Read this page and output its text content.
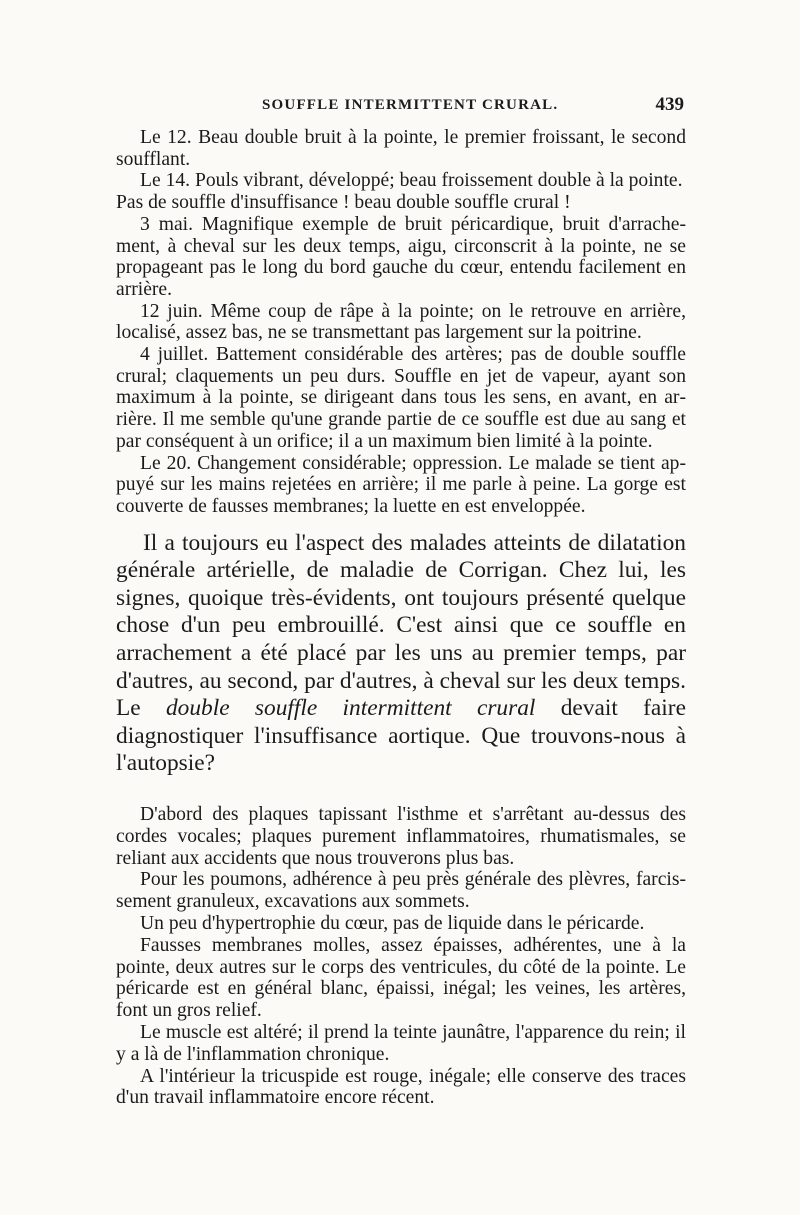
SOUFFLE INTERMITTENT CRURAL.	439

Le 12. Beau double bruit à la pointe, le premier froissant, le second soufflant.

Le 14. Pouls vibrant, développé; beau froissement double à la pointe.

Pas de souffle d'insuffisance ! beau double souffle crural !

3 mai. Magnifique exemple de bruit péricardique, bruit d'arrachement, à cheval sur les deux temps, aigu, circonscrit à la pointe, ne se propageant pas le long du bord gauche du cœur, entendu facilement en arrière.

12 juin. Même coup de râpe à la pointe; on le retrouve en arrière, localisé, assez bas, ne se transmettant pas largement sur la poitrine.

4 juillet. Battement considérable des artères; pas de double souffle crural; claquements un peu durs. Souffle en jet de vapeur, ayant son maximum à la pointe, se dirigeant dans tous les sens, en avant, en arrière. Il me semble qu'une grande partie de ce souffle est due au sang et par conséquent à un orifice; il a un maximum bien limité à la pointe.

Le 20. Changement considérable; oppression. Le malade se tient appuyé sur les mains rejetées en arrière; il me parle à peine. La gorge est couverte de fausses membranes; la luette en est enveloppée.

Il a toujours eu l'aspect des malades atteints de dilatation générale artérielle, de maladie de Corrigan. Chez lui, les signes, quoique très-évidents, ont toujours présenté quelque chose d'un peu embrouillé. C'est ainsi que ce souffle en arrachement a été placé par les uns au premier temps, par d'autres, au second, par d'autres, à cheval sur les deux temps. Le double souffle intermittent crural devait faire diagnostiquer l'insuffisance aortique. Que trouvons-nous à l'autopsie?

D'abord des plaques tapissant l'isthme et s'arrêtant au-dessus des cordes vocales; plaques purement inflammatoires, rhumatismales, se reliant aux accidents que nous trouverons plus bas.

Pour les poumons, adhérence à peu près générale des plèvres, farcissement granuleux, excavations aux sommets.

Un peu d'hypertrophie du cœur, pas de liquide dans le péricarde.

Fausses membranes molles, assez épaisses, adhérentes, une à la pointe, deux autres sur le corps des ventricules, du côté de la pointe. Le péricarde est en général blanc, épaissi, inégal; les veines, les artères, font un gros relief.

Le muscle est altéré; il prend la teinte jaunâtre, l'apparence du rein; il y a là de l'inflammation chronique.

A l'intérieur la tricuspide est rouge, inégale; elle conserve des traces d'un travail inflammatoire encore récent.
